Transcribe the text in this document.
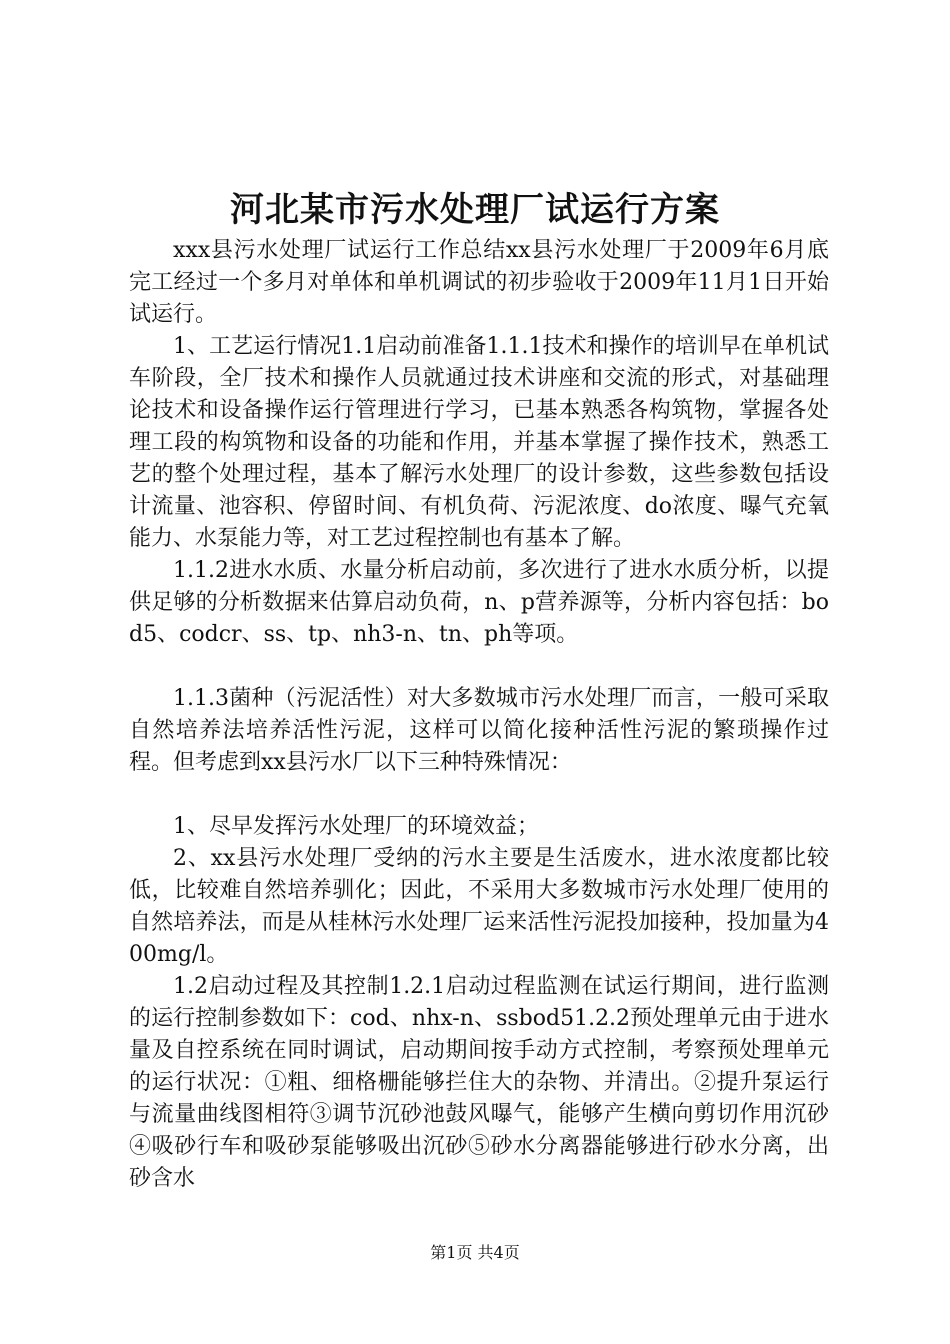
河北某市污水处理厂试运行方案

xxx县污水处理厂试运行工作总结xx县污水处理厂于2009年6月底完工经过一个多月对单体和单机调试的初步验收于2009年11月1日开始试运行。

1、工艺运行情况1.1启动前准备1.1.1技术和操作的培训早在单机试车阶段，全厂技术和操作人员就通过技术讲座和交流的形式，对基础理论技术和设备操作运行管理进行学习，已基本熟悉各构筑物，掌握各处理工段的构筑物和设备的功能和作用，并基本掌握了操作技术，熟悉工艺的整个处理过程，基本了解污水处理厂的设计参数，这些参数包括设计流量、池容积、停留时间、有机负荷、污泥浓度、do浓度、曝气充氧能力、水泵能力等，对工艺过程控制也有基本了解。

1.1.2进水水质、水量分析启动前，多次进行了进水水质分析，以提供足够的分析数据来估算启动负荷，n、p营养源等，分析内容包括：bod5、codcr、ss、tp、nh3-n、tn、ph等项。

1.1.3菌种（污泥活性）对大多数城市污水处理厂而言，一般可采取自然培养法培养活性污泥，这样可以简化接种活性污泥的繁琐操作过程。但考虑到xx县污水厂以下三种特殊情况：

1、尽早发挥污水处理厂的环境效益；

2、xx县污水处理厂受纳的污水主要是生活废水，进水浓度都比较低，比较难自然培养驯化；因此，不采用大多数城市污水处理厂使用的自然培养法，而是从桂林污水处理厂运来活性污泥投加接种，投加量为400mg/l。

1.2启动过程及其控制1.2.1启动过程监测在试运行期间，进行监测的运行控制参数如下：cod、nhx-n、ssbod51.2.2预处理单元由于进水量及自控系统在同时调试，启动期间按手动方式控制，考察预处理单元的运行状况：①粗、细格栅能够拦住大的杂物、并清出。②提升泵运行与流量曲线图相符③调节沉砂池鼓风曝气，能够产生横向剪切作用沉砂④吸砂行车和吸砂泵能够吸出沉砂⑤砂水分离器能够进行砂水分离，出砂含水

第1页 共4页
